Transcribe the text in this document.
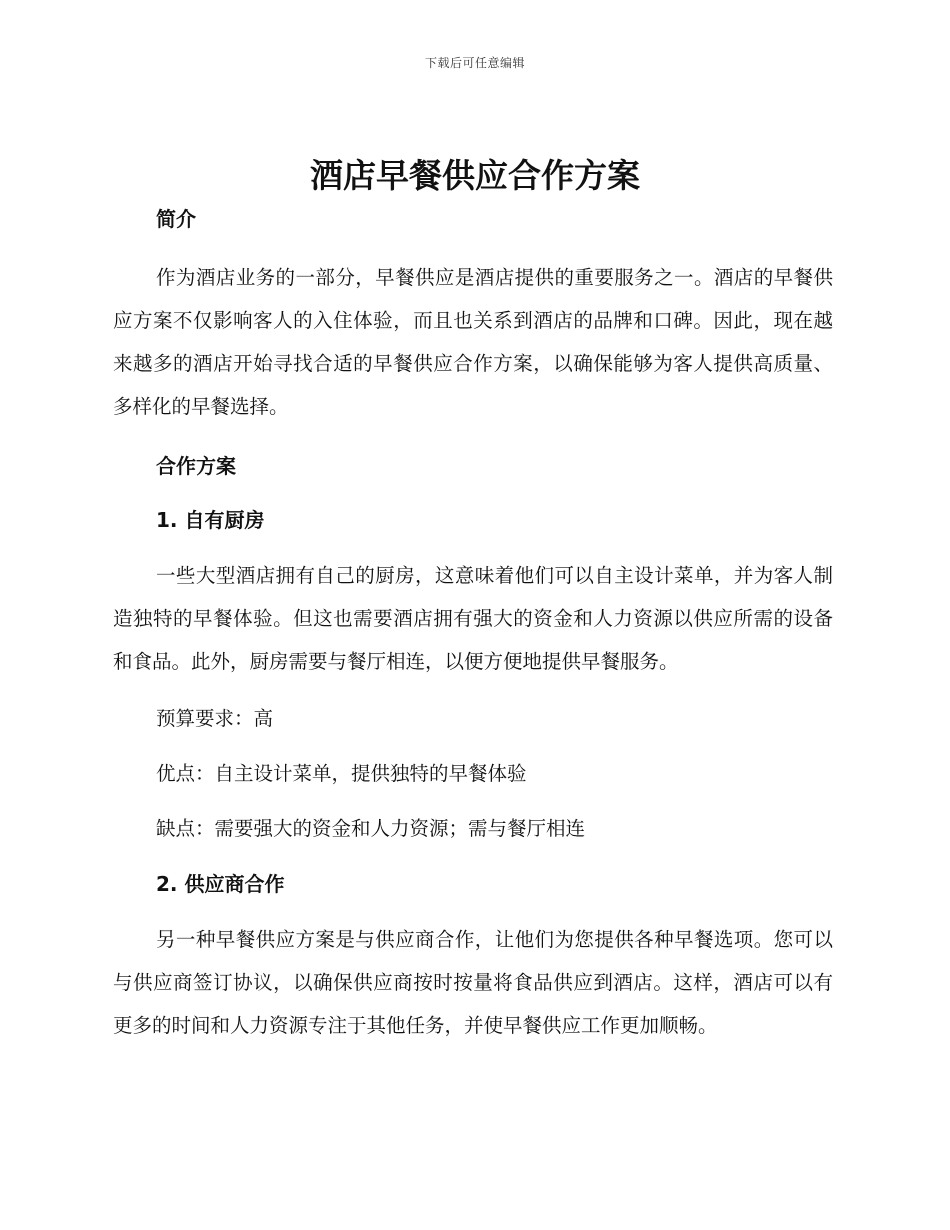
下载后可任意编辑
酒店早餐供应合作方案

简介

作为酒店业务的一部分，早餐供应是酒店提供的重要服务之一。酒店的早餐供应方案不仅影响客人的入住体验，而且也关系到酒店的品牌和口碑。因此，现在越来越多的酒店开始寻找合适的早餐供应合作方案，以确保能够为客人提供高质量、多样化的早餐选择。

合作方案

1. 自有厨房

一些大型酒店拥有自己的厨房，这意味着他们可以自主设计菜单，并为客人制造独特的早餐体验。但这也需要酒店拥有强大的资金和人力资源以供应所需的设备和食品。此外，厨房需要与餐厅相连，以便方便地提供早餐服务。

预算要求：高

优点：自主设计菜单，提供独特的早餐体验

缺点：需要强大的资金和人力资源；需与餐厅相连

2. 供应商合作

另一种早餐供应方案是与供应商合作，让他们为您提供各种早餐选项。您可以与供应商签订协议，以确保供应商按时按量将食品供应到酒店。这样，酒店可以有更多的时间和人力资源专注于其他任务，并使早餐供应工作更加顺畅。
